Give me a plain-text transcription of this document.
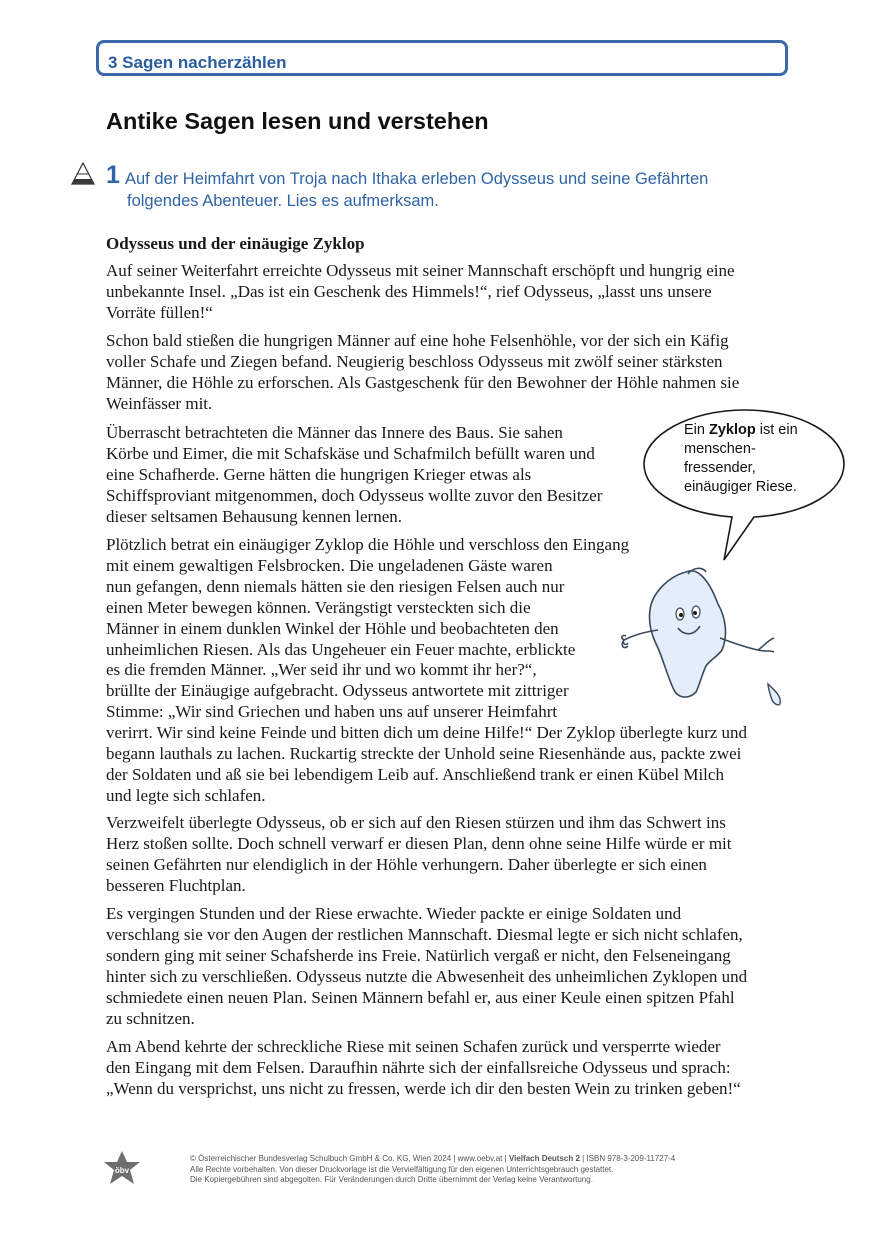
3 Sagen nacherzählen
Antike Sagen lesen und verstehen
1 Auf der Heimfahrt von Troja nach Ithaka erleben Odysseus und seine Gefährten
folgendes Abenteuer. Lies es aufmerksam.
Odysseus und der einäugige Zyklop
Auf seiner Weiterfahrt erreichte Odysseus mit seiner Mannschaft erschöpft und hungrig eine
unbekannte Insel. „Das ist ein Geschenk des Himmels!“, rief Odysseus, „lasst uns unsere
Vorräte füllen!“
Schon bald stießen die hungrigen Männer auf eine hohe Felsenhöhle, vor der sich ein Käfig
voller Schafe und Ziegen befand. Neugierig beschloss Odysseus mit zwölf seiner stärksten
Männer, die Höhle zu erforschen. Als Gastgeschenk für den Bewohner der Höhle nahmen sie
Weinfässer mit.
Überrascht betrachteten die Männer das Innere des Baus. Sie sahen
Körbe und Eimer, die mit Schafskäse und Schafmilch befüllt waren und
eine Schafherde. Gerne hätten die hungrigen Krieger etwas als
Schiffsproviant mitgenommen, doch Odysseus wollte zuvor den Besitzer
dieser seltsamen Behausung kennen lernen.
Plötzlich betrat ein einäugiger Zyklop die Höhle und verschloss den Eingang
mit einem gewaltigen Felsbrocken. Die ungeladenen Gäste waren
nun gefangen, denn niemals hätten sie den riesigen Felsen auch nur
einen Meter bewegen können. Verängstigt versteckten sich die
Männer in einem dunklen Winkel der Höhle und beobachteten den
unheimlichen Riesen. Als das Ungeheuer ein Feuer machte, erblickte
es die fremden Männer. „Wer seid ihr und wo kommt ihr her?“,
brüllte der Einäugige aufgebracht. Odysseus antwortete mit zittriger
Stimme: „Wir sind Griechen und haben uns auf unserer Heimfahrt
verirrt. Wir sind keine Feinde und bitten dich um deine Hilfe!“ Der Zyklop überlegte kurz und
begann lauthals zu lachen. Ruckartig streckte der Unhold seine Riesenhände aus, packte zwei
der Soldaten und aß sie bei lebendigem Leib auf. Anschließend trank er einen Kübel Milch
und legte sich schlafen.
Verzweifelt überlegte Odysseus, ob er sich auf den Riesen stürzen und ihm das Schwert ins
Herz stoßen sollte. Doch schnell verwarf er diesen Plan, denn ohne seine Hilfe würde er mit
seinen Gefährten nur elendiglich in der Höhle verhungern. Daher überlegte er sich einen
besseren Fluchtplan.
Es vergingen Stunden und der Riese erwachte. Wieder packte er einige Soldaten und
verschlang sie vor den Augen der restlichen Mannschaft. Diesmal legte er sich nicht schlafen,
sondern ging mit seiner Schafsherde ins Freie. Natürlich vergaß er nicht, den Felseneingang
hinter sich zu verschließen. Odysseus nutzte die Abwesenheit des unheimlichen Zyklopen und
schmiedete einen neuen Plan. Seinen Männern befahl er, aus einer Keule einen spitzen Pfahl
zu schnitzen.
Am Abend kehrte der schreckliche Riese mit seinen Schafen zurück und versperrte wieder
den Eingang mit dem Felsen. Daraufhin nährte sich der einfallsreiche Odysseus und sprach:
„Wenn du versprichst, uns nicht zu fressen, werde ich dir den besten Wein zu trinken geben!“
Ein Zyklop ist ein
menschen-
fressender,
einäugiger Riese.
öbv
© Österreichischer Bundesverlag Schulbuch GmbH & Co. KG, Wien 2024 | www.oebv.at | Vielfach Deutsch 2 | ISBN 978-3-209-11727-4
Alle Rechte vorbehalten. Von dieser Druckvorlage ist die Vervielfältigung für den eigenen Unterrichtsgebrauch gestattet.
Die Kopiergebühren sind abgegolten. Für Veränderungen durch Dritte übernimmt der Verlag keine Verantwortung.
